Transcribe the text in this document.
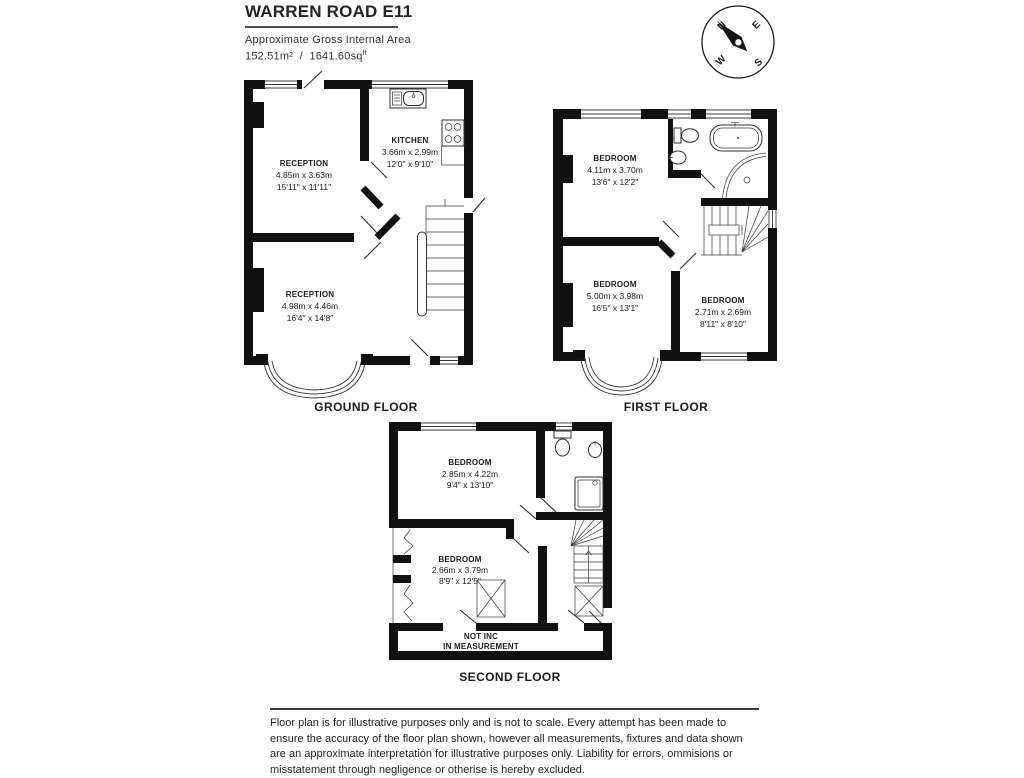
WARREN ROAD E11
Approximate Gross Internal Area
$152.51m^2 / 1641.60sq^{ft}$
N E
S
W
RECEPTION
4.85m x 3.63m
15'11" x 11'11"
KITCHEN
3.66m x 2.99m
12'0" x 9'10"
RECEPTION
4.98m x 4.46m
16'4" x 14'8"
GROUND FLOOR
BEDROOM
4.11m x 3.70m
13'6" x 12'2"
BEDROOM
5.00m x 3.98m
16'5" x 13'1"
BEDROOM
2.71m x 2.69m
8'11" x 8'10"
FIRST FLOOR
BEDROOM
2.85m x 4.22m
9'4" x 13'10"
BEDROOM
2.66m x 3.79m
8'9" x 12'5"
NOT INC
IN MEASUREMENT
SECOND FLOOR
Floor plan is for illustrative purposes only and is not to scale. Every attempt has been made to ensure the accuracy of the floor plan shown, however all measurements, fixtures and data shown are an approximate interpretation for illustrative purposes only. Liability for errors, ommisions or misstatement through negligence or otherise is hereby excluded.
